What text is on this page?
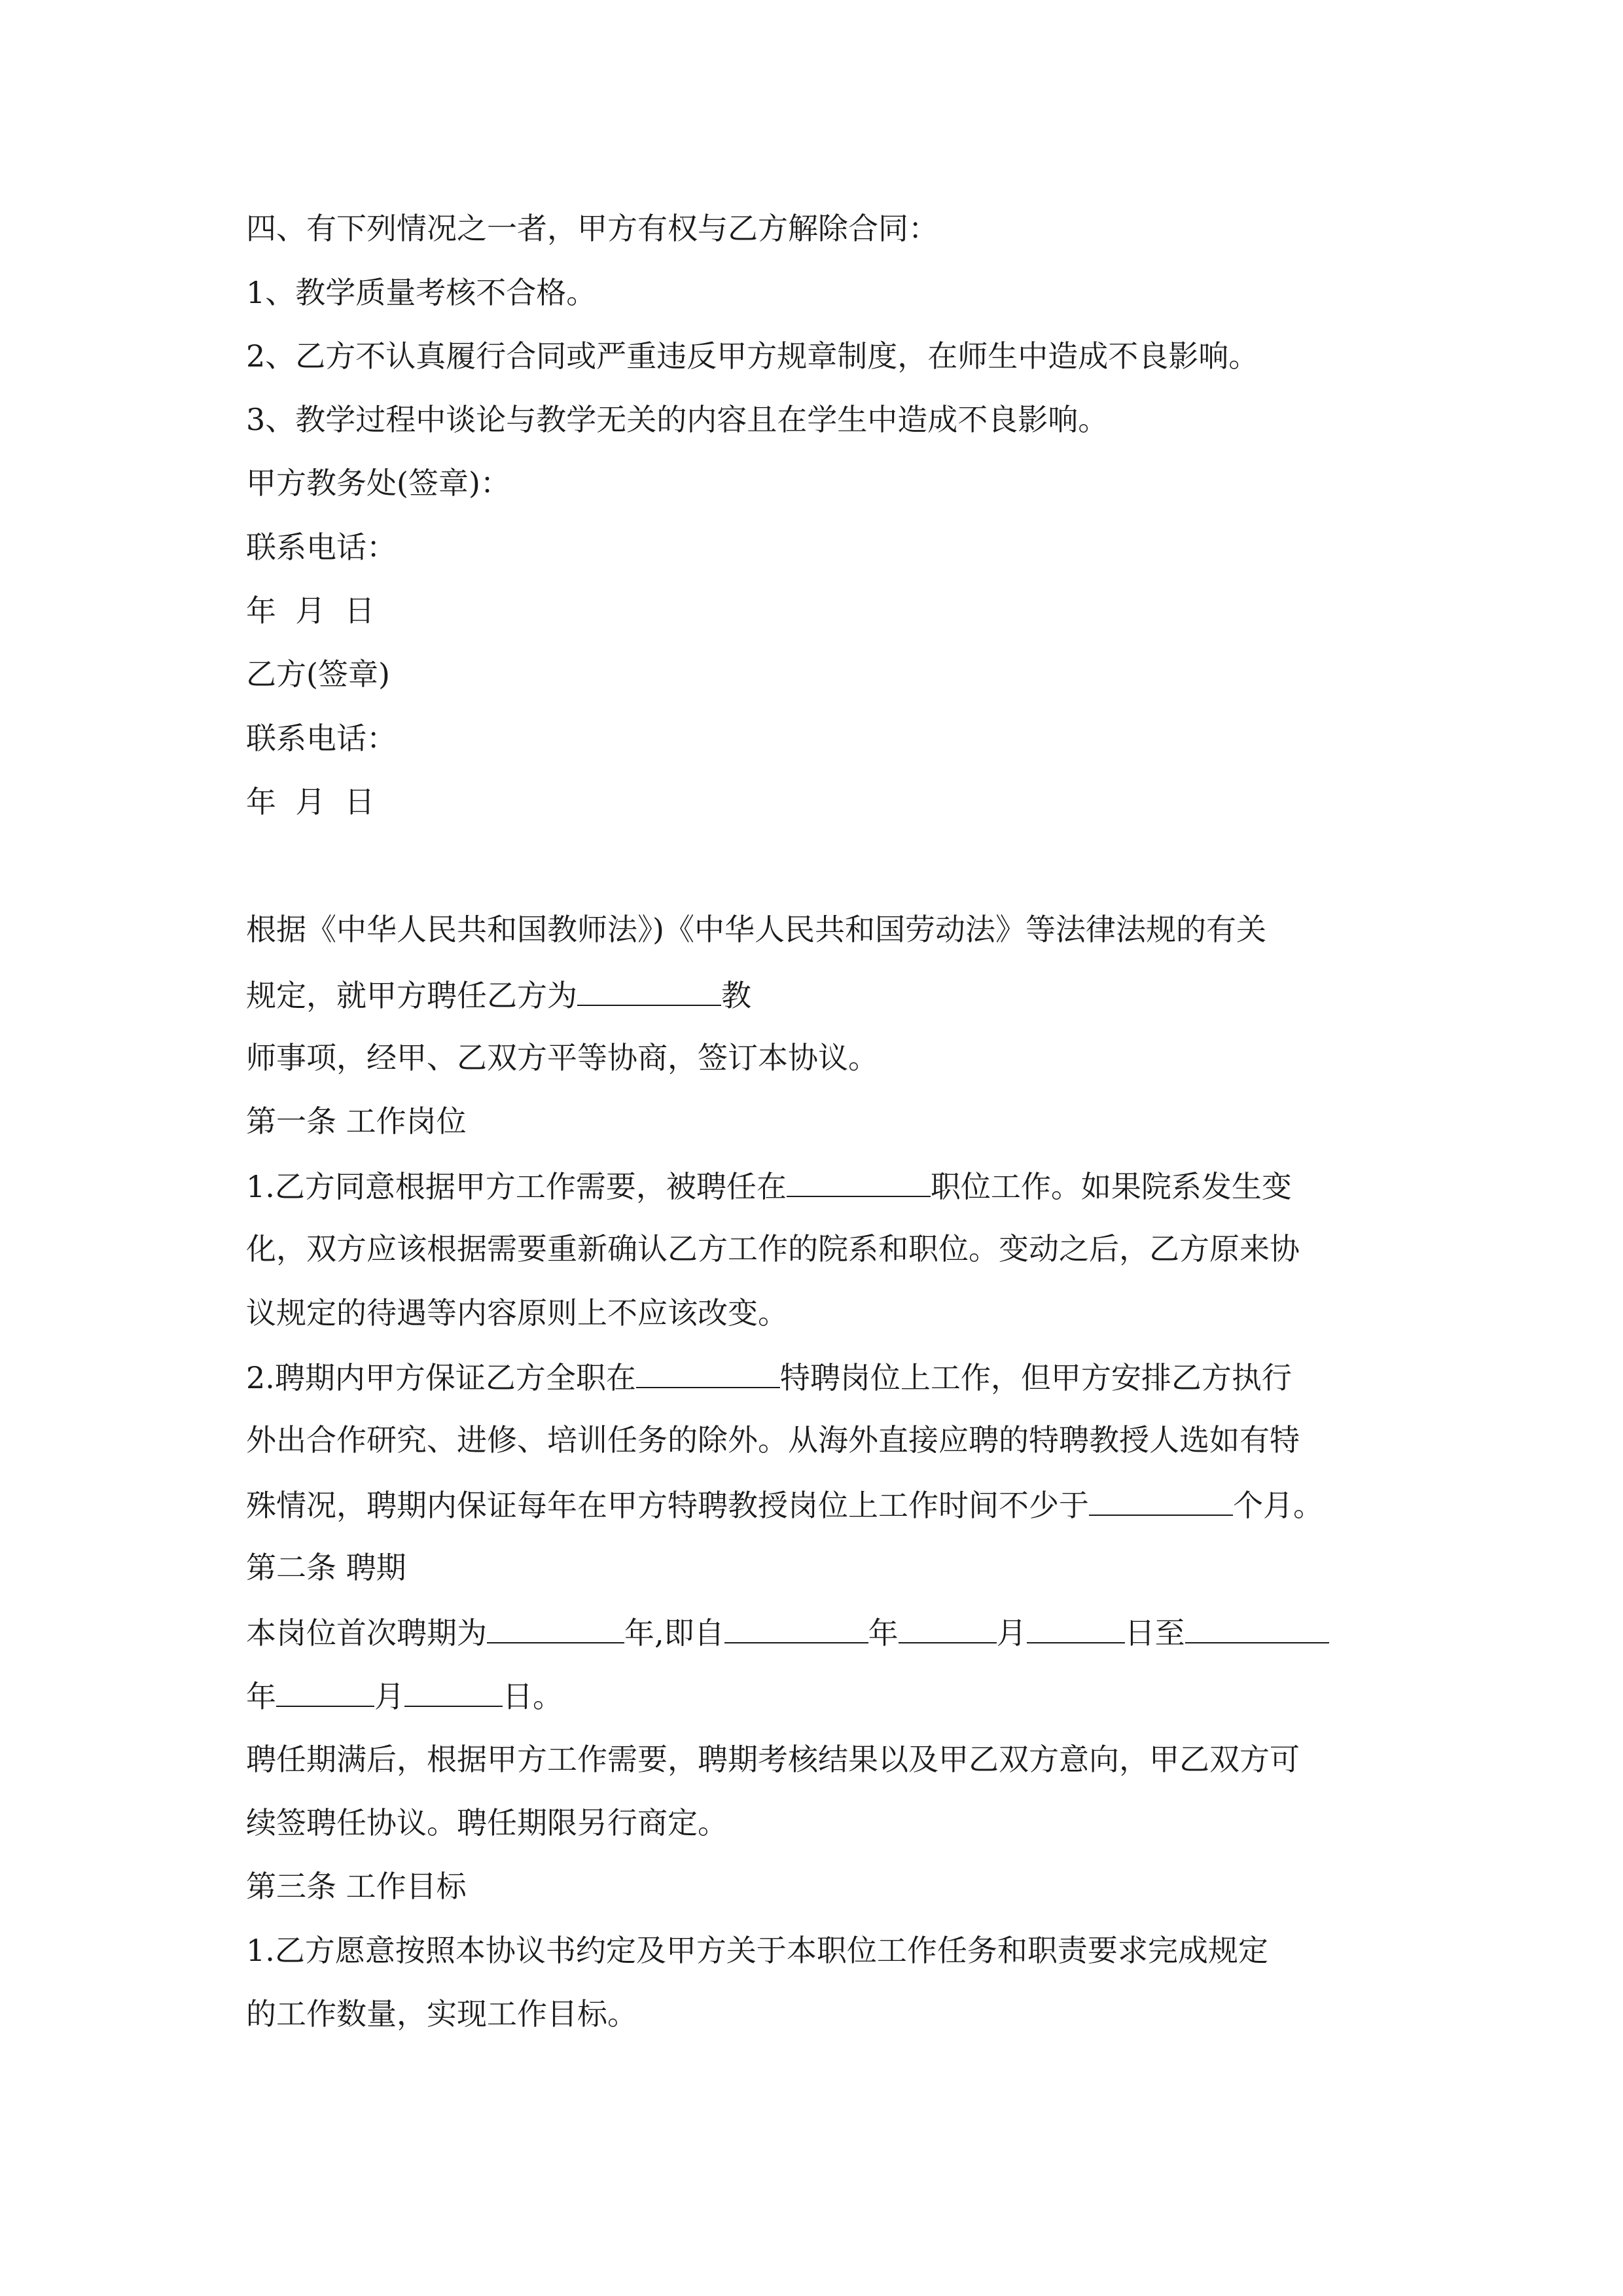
四、有下列情况之一者，甲方有权与乙方解除合同：
1、教学质量考核不合格。
2、乙方不认真履行合同或严重违反甲方规章制度，在师生中造成不良影响。
3、教学过程中谈论与教学无关的内容且在学生中造成不良影响。
甲方教务处(签章)：
联系电话：
年  月  日
乙方(签章)
联系电话：
年  月  日
根据《中华人民共和国教师法》)《中华人民共和国劳动法》等法律法规的有关
规定，就甲方聘任乙方为	教
师事项，经甲、乙双方平等协商，签订本协议。
第一条 工作岗位
1.乙方同意根据甲方工作需要，被聘任在	职位工作。如果院系发生变
化，双方应该根据需要重新确认乙方工作的院系和职位。变动之后，乙方原来协
议规定的待遇等内容原则上不应该改变。
2.聘期内甲方保证乙方全职在	特聘岗位上工作，但甲方安排乙方执行
外出合作研究、进修、培训任务的除外。从海外直接应聘的特聘教授人选如有特
殊情况，聘期内保证每年在甲方特聘教授岗位上工作时间不少于	个月。
第二条 聘期
本岗位首次聘期为	年,即自	年	月	日至
年	月	日。
聘任期满后，根据甲方工作需要，聘期考核结果以及甲乙双方意向，甲乙双方可
续签聘任协议。聘任期限另行商定。
第三条 工作目标
1.乙方愿意按照本协议书约定及甲方关于本职位工作任务和职责要求完成规定
的工作数量，实现工作目标。
